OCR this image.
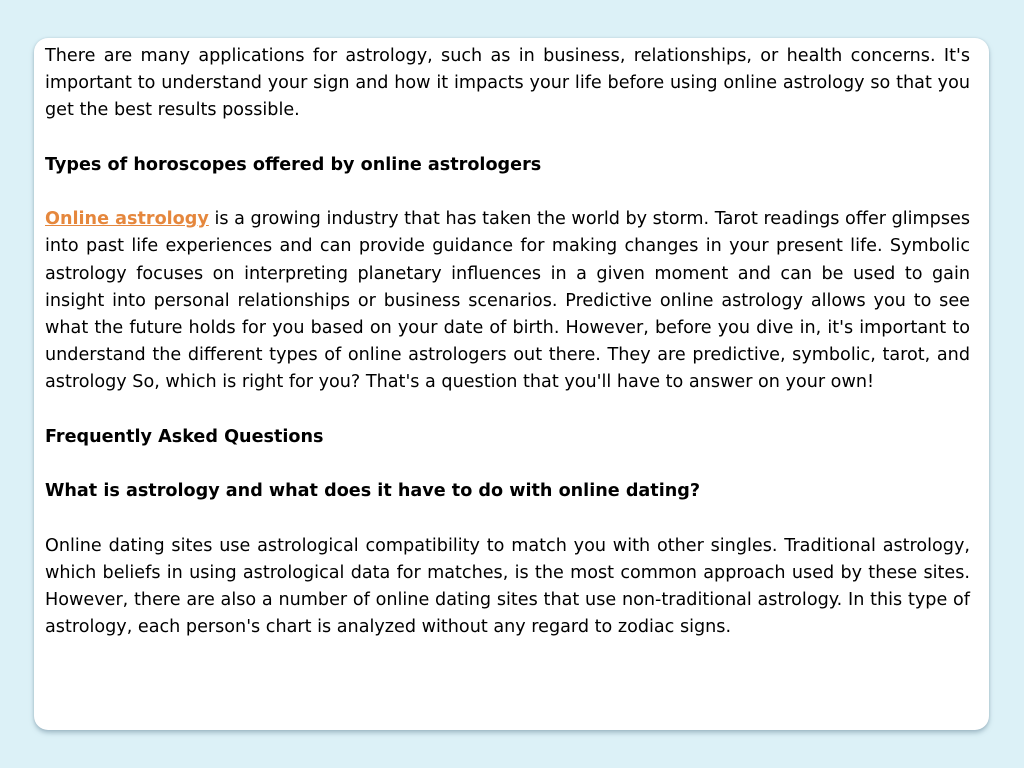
There are many applications for astrology, such as in business, relationships, or health concerns. It's important to understand your sign and how it impacts your life before using online astrology so that you get the best results possible.

Types of horoscopes offered by online astrologers

Online astrology is a growing industry that has taken the world by storm. Tarot readings offer glimpses into past life experiences and can provide guidance for making changes in your present life. Symbolic astrology focuses on interpreting planetary influences in a given moment and can be used to gain insight into personal relationships or business scenarios. Predictive online astrology allows you to see what the future holds for you based on your date of birth. However, before you dive in, it's important to understand the different types of online astrologers out there. They are predictive, symbolic, tarot, and astrology So, which is right for you? That's a question that you'll have to answer on your own!

Frequently Asked Questions

What is astrology and what does it have to do with online dating?

Online dating sites use astrological compatibility to match you with other singles. Traditional astrology, which beliefs in using astrological data for matches, is the most common approach used by these sites. However, there are also a number of online dating sites that use non-traditional astrology. In this type of astrology, each person's chart is analyzed without any regard to zodiac signs.
